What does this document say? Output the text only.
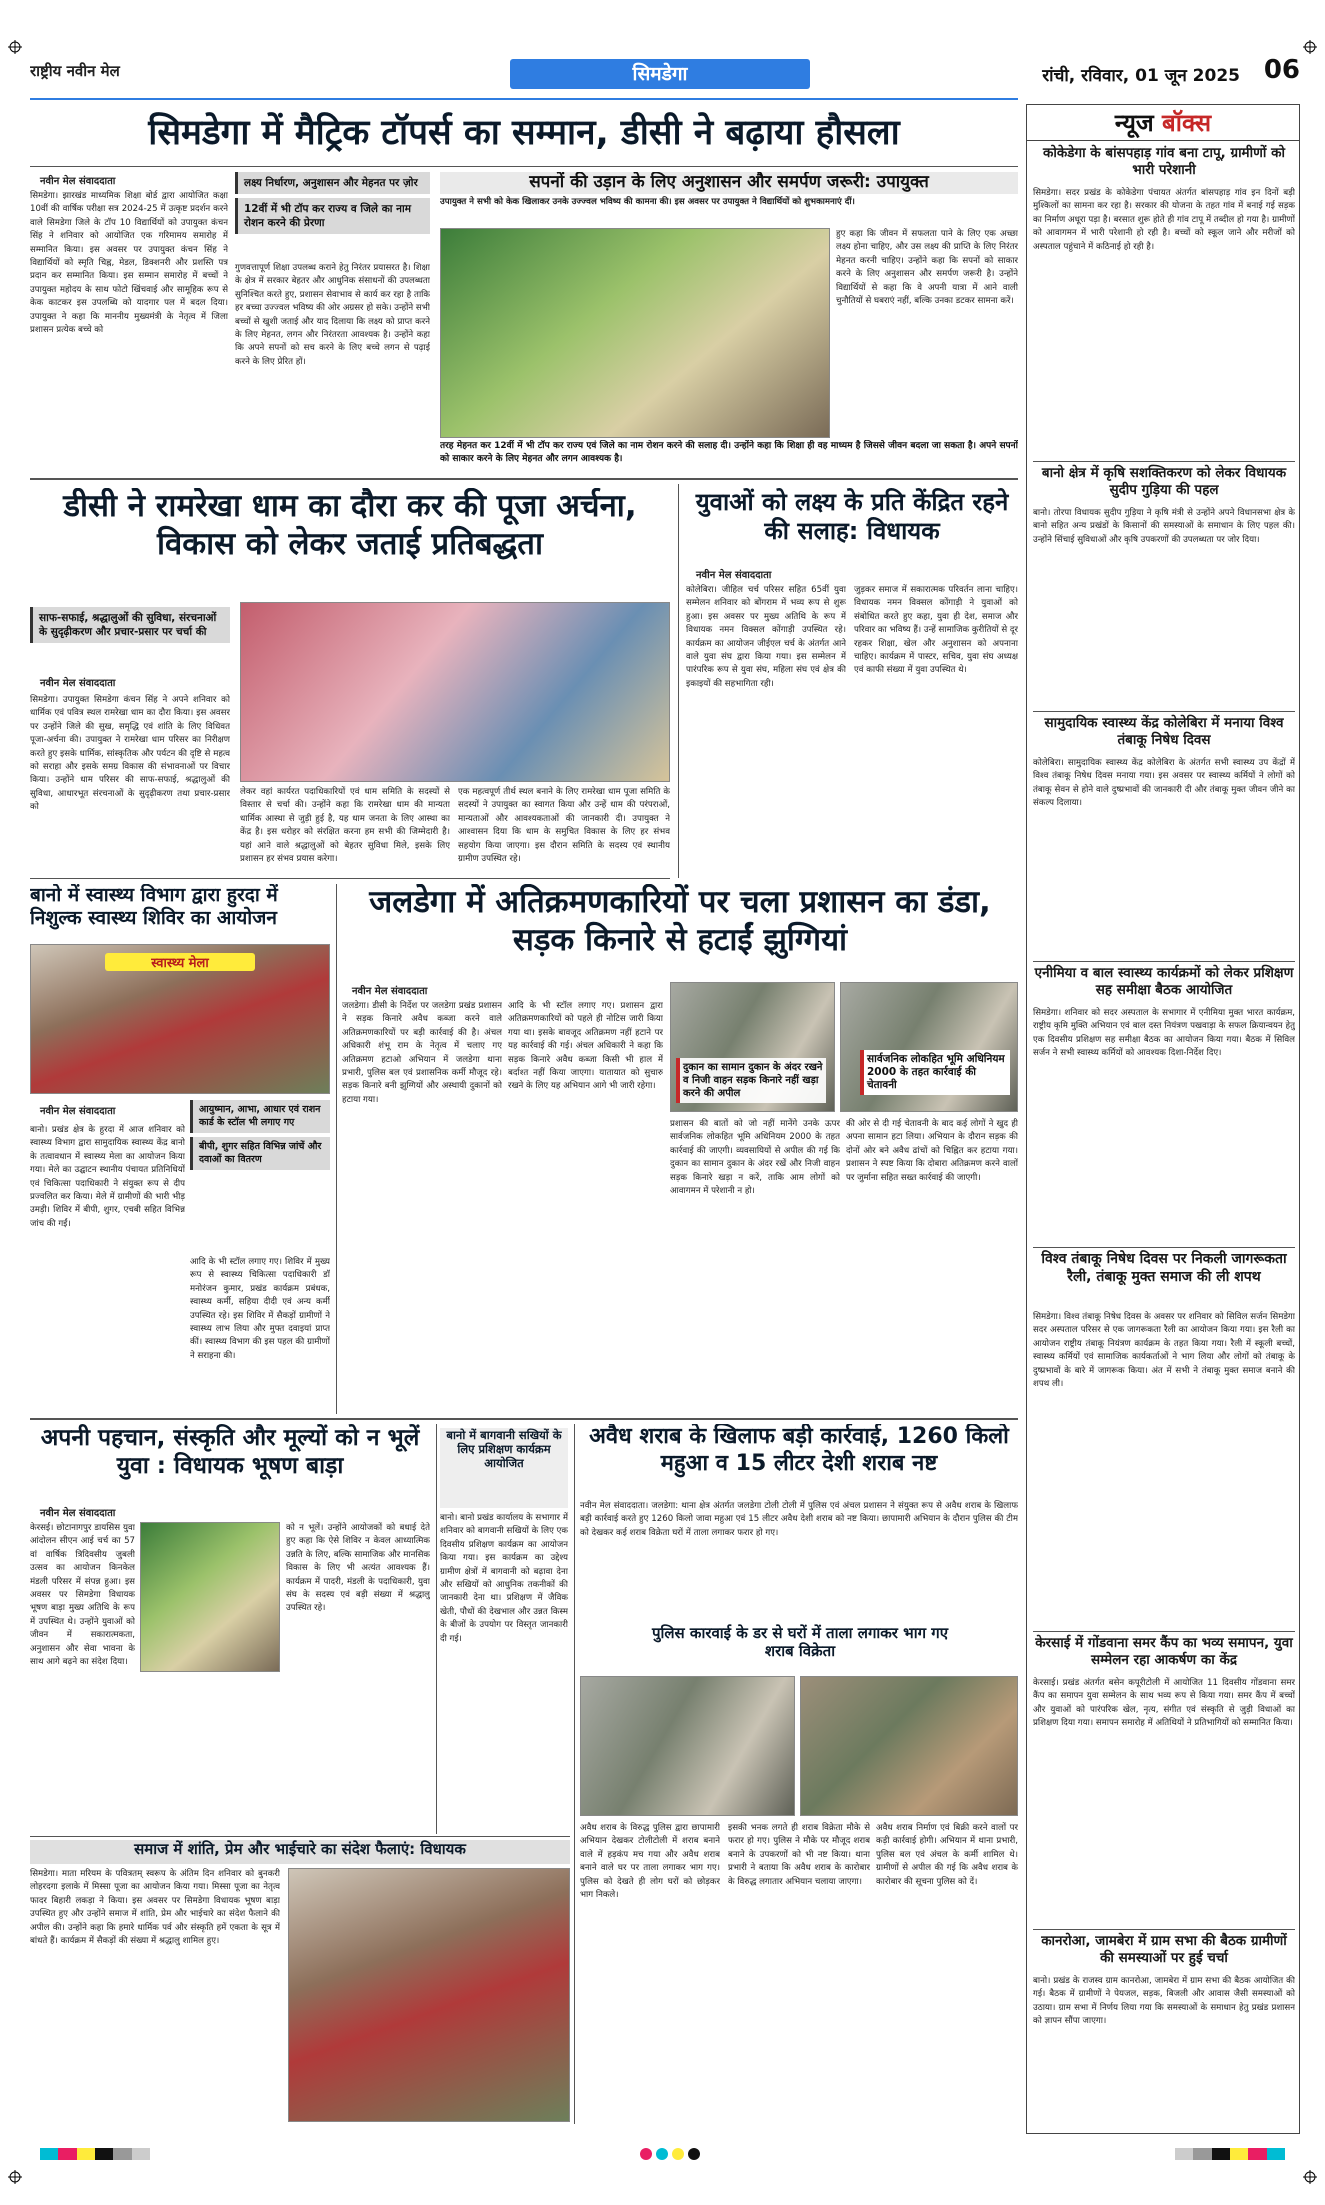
राष्ट्रीय नवीन मेल	सिमडेगा	रांची, रविवार, 01 जून 2025 06
सिमडेगा में मैट्रिक टॉपर्स का सम्मान, डीसी ने बढ़ाया हौसला
नवीन मेल संवाददाता
सिमडेगा। झारखंड माध्यमिक शिक्षा बोर्ड द्वारा आयोजित कक्षा 10वीं की वार्षिक परीक्षा सत्र 2024-25 में उत्कृष्ट प्रदर्शन करने वाले सिमडेगा जिले के टॉप 10 विद्यार्थियों को उपायुक्त कंचन सिंह ने शनिवार को आयोजित एक गरिमामय समारोह में सम्मानित किया। इस अवसर पर उपायुक्त कंचन सिंह ने विद्यार्थियों को स्मृति चिह्न, मेडल, डिक्शनरी और प्रशस्ति पत्र प्रदान कर सम्मानित किया। इस सम्मान समारोह में बच्चों ने उपायुक्त महोदय के साथ फोटो खिंचवाई और सामूहिक रूप से केक काटकर इस उपलब्धि को यादगार पल में बदल दिया। उपायुक्त ने कहा कि माननीय मुख्यमंत्री के नेतृत्व में जिला प्रशासन प्रत्येक बच्चे को
लक्ष्य निर्धारण, अनुशासन और मेहनत पर ज़ोर
12वीं में भी टॉप कर राज्य व जिले का नाम रोशन करने की प्रेरणा
गुणवत्तापूर्ण शिक्षा उपलब्ध कराने हेतु निरंतर प्रयासरत है। शिक्षा के क्षेत्र में सरकार बेहतर और आधुनिक संसाधनों की उपलब्धता सुनिश्चित करते हुए, प्रशासन सेवाभाव से कार्य कर रहा है ताकि हर बच्चा उज्ज्वल भविष्य की ओर अग्रसर हो सके। उन्होंने सभी बच्चों से खुशी जताई और याद दिलाया कि लक्ष्य को प्राप्त करने के लिए मेहनत, लगन और निरंतरता आवश्यक है। उन्होंने कहा कि अपने सपनों को सच करने के लिए बच्चे लगन से पढ़ाई करने के लिए प्रेरित हों।
सपनों की उड़ान के लिए अनुशासन और समर्पण जरूरी: उपायुक्त
उपायुक्त ने सभी को केक खिलाकर उनके उज्ज्वल भविष्य की कामना की। इस अवसर पर उपायुक्त ने विद्यार्थियों को शुभकामनाएं दीं।
हुए कहा कि जीवन में सफलता पाने के लिए एक अच्छा लक्ष्य होना चाहिए, और उस लक्ष्य की प्राप्ति के लिए निरंतर मेहनत करनी चाहिए। उन्होंने कहा कि सपनों को साकार करने के लिए अनुशासन और समर्पण जरूरी है। उन्होंने विद्यार्थियों से कहा कि वे अपनी यात्रा में आने वाली चुनौतियों से घबराएं नहीं, बल्कि उनका डटकर सामना करें।
तरह मेहनत कर 12वीं में भी टॉप कर राज्य एवं जिले का नाम रोशन करने की सलाह दी। उन्होंने कहा कि शिक्षा ही वह माध्यम है जिससे जीवन बदला जा सकता है। अपने सपनों को साकार करने के लिए मेहनत और लगन आवश्यक है।
डीसी ने रामरेखा धाम का दौरा कर की पूजा अर्चना, विकास को लेकर जताई प्रतिबद्धता
साफ-सफाई, श्रद्धालुओं की सुविधा, संरचनाओं के सुदृढ़ीकरण और प्रचार-प्रसार पर चर्चा की
नवीन मेल संवाददाता
सिमडेगा। उपायुक्त सिमडेगा कंचन सिंह ने अपने शनिवार को धार्मिक एवं पवित्र स्थल रामरेखा धाम का दौरा किया। इस अवसर पर उन्होंने जिले की सुख, समृद्धि एवं शांति के लिए विधिवत पूजा-अर्चना की। उपायुक्त ने रामरेखा धाम परिसर का निरीक्षण करते हुए इसके धार्मिक, सांस्कृतिक और पर्यटन की दृष्टि से महत्व को सराहा और इसके समग्र विकास की संभावनाओं पर विचार किया। उन्होंने धाम परिसर की साफ-सफाई, श्रद्धालुओं की सुविधा, आधारभूत संरचनाओं के सुदृढ़ीकरण तथा प्रचार-प्रसार को
लेकर वहां कार्यरत पदाधिकारियों एवं धाम समिति के सदस्यों से विस्तार से चर्चा की। उन्होंने कहा कि रामरेखा धाम की मान्यता धार्मिक आस्था से जुड़ी हुई है, यह धाम जनता के लिए आस्था का केंद्र है। इस धरोहर को संरक्षित करना हम सभी की जिम्मेदारी है। यहां आने वाले श्रद्धालुओं को बेहतर सुविधा मिले, इसके लिए प्रशासन हर संभव प्रयास करेगा।
एक महत्वपूर्ण तीर्थ स्थल बनाने के लिए रामरेखा धाम पूजा समिति के सदस्यों ने उपायुक्त का स्वागत किया और उन्हें धाम की परंपराओं, मान्यताओं और आवश्यकताओं की जानकारी दी। उपायुक्त ने आश्वासन दिया कि धाम के समुचित विकास के लिए हर संभव सहयोग किया जाएगा। इस दौरान समिति के सदस्य एवं स्थानीय ग्रामीण उपस्थित रहे।
युवाओं को लक्ष्य के प्रति केंद्रित रहने की सलाह: विधायक
नवीन मेल संवाददाता
कोलेबिरा। जीहिल चर्च परिसर सहित 65वीं युवा सम्मेलन शनिवार को बोंगराम में भव्य रूप से शुरू हुआ। इस अवसर पर मुख्य अतिथि के रूप में विधायक नमन विक्सल कोंगाड़ी उपस्थित रहे। कार्यक्रम का आयोजन जीईएल चर्च के अंतर्गत आने वाले युवा संघ द्वारा किया गया। इस सम्मेलन में पारंपरिक रूप से युवा संघ, महिला संघ एवं क्षेत्र की इकाइयों की सहभागिता रही।
जुड़कर समाज में सकारात्मक परिवर्तन लाना चाहिए। विधायक नमन विक्सल कोंगाड़ी ने युवाओं को संबोधित करते हुए कहा, युवा ही देश, समाज और परिवार का भविष्य हैं। उन्हें सामाजिक कुरीतियों से दूर रहकर शिक्षा, खेल और अनुशासन को अपनाना चाहिए। कार्यक्रम में पास्टर, सचिव, युवा संघ अध्यक्ष एवं काफी संख्या में युवा उपस्थित थे।
बानो में स्वास्थ्य विभाग द्वारा हुरदा में निशुल्क स्वास्थ्य शिविर का आयोजन
स्वास्थ्य मेला
नवीन मेल संवाददाता	आयुष्मान, आभा, आधार एवं राशन कार्ड के स्टॉल भी लगाए गए
बीपी, शुगर सहित विभिन्न जांचें और दवाओं का वितरण
बानो। प्रखंड क्षेत्र के हुरदा में आज शनिवार को स्वास्थ्य विभाग द्वारा सामुदायिक स्वास्थ्य केंद्र बानो के तत्वावधान में स्वास्थ्य मेला का आयोजन किया गया। मेले का उद्घाटन स्थानीय पंचायत प्रतिनिधियों एवं चिकित्सा पदाधिकारी ने संयुक्त रूप से दीप प्रज्वलित कर किया। मेले में ग्रामीणों की भारी भीड़ उमड़ी। शिविर में बीपी, शुगर, एचबी सहित विभिन्न जांच की गईं।
आदि के भी स्टॉल लगाए गए। शिविर में मुख्य रूप से स्वास्थ्य चिकित्सा पदाधिकारी डॉ मनोरंजन कुमार, प्रखंड कार्यक्रम प्रबंधक, स्वास्थ्य कर्मी, सहिया दीदी एवं अन्य कर्मी उपस्थित रहे। इस शिविर में सैकड़ों ग्रामीणों ने स्वास्थ्य लाभ लिया और मुफ्त दवाइयां प्राप्त कीं। स्वास्थ्य विभाग की इस पहल की ग्रामीणों ने सराहना की।
जलडेगा में अतिक्रमणकारियों पर चला प्रशासन का डंडा, सड़क किनारे से हटाईं झुग्गियां
नवीन मेल संवाददाता
जलडेगा। डीसी के निर्देश पर जलडेगा प्रखंड प्रशासन ने सड़क किनारे अवैध कब्जा करने वाले अतिक्रमणकारियों पर बड़ी कार्रवाई की है। अंचल अधिकारी शंभू राम के नेतृत्व में चलाए गए अतिक्रमण हटाओ अभियान में जलडेगा थाना प्रभारी, पुलिस बल एवं प्रशासनिक कर्मी मौजूद रहे। सड़क किनारे बनी झुग्गियों और अस्थायी दुकानों को हटाया गया।
आदि के भी स्टॉल लगाए गए। प्रशासन द्वारा अतिक्रमणकारियों को पहले ही नोटिस जारी किया गया था। इसके बावजूद अतिक्रमण नहीं हटाने पर यह कार्रवाई की गई। अंचल अधिकारी ने कहा कि सड़क किनारे अवैध कब्जा किसी भी हाल में बर्दाश्त नहीं किया जाएगा। यातायात को सुचारु रखने के लिए यह अभियान आगे भी जारी रहेगा।
दुकान का सामान दुकान के अंदर रखने व निजी वाहन सड़क किनारे नहीं खड़ा करने की अपील
सार्वजनिक लोकहित भूमि अधिनियम 2000 के तहत कार्रवाई की चेतावनी
प्रशासन की बातों को जो नहीं मानेंगे उनके ऊपर सार्वजनिक लोकहित भूमि अधिनियम 2000 के तहत कार्रवाई की जाएगी। व्यवसायियों से अपील की गई कि दुकान का सामान दुकान के अंदर रखें और निजी वाहन सड़क किनारे खड़ा न करें, ताकि आम लोगों को आवागमन में परेशानी न हो।
की ओर से दी गई चेतावनी के बाद कई लोगों ने खुद ही अपना सामान हटा लिया। अभियान के दौरान सड़क की दोनों ओर बने अवैध ढांचों को चिह्नित कर हटाया गया। प्रशासन ने स्पष्ट किया कि दोबारा अतिक्रमण करने वालों पर जुर्माना सहित सख्त कार्रवाई की जाएगी।
अपनी पहचान, संस्कृति और मूल्यों को न भूलें युवा : विधायक भूषण बाड़ा
नवीन मेल संवाददाता
केरसई। छोटानागपुर डायसिस युवा आंदोलन सीएन आई चर्च का 57 वां वार्षिक त्रिदिवसीय जुबली उत्सव का आयोजन किनकेल मंडली परिसर में संपन्न हुआ। इस अवसर पर सिमडेगा विधायक भूषण बाड़ा मुख्य अतिथि के रूप में उपस्थित थे। उन्होंने युवाओं को जीवन में सकारात्मकता, अनुशासन और सेवा भावना के साथ आगे बढ़ने का संदेश दिया।
को न भूलें। उन्होंने आयोजकों को बधाई देते हुए कहा कि ऐसे शिविर न केवल आध्यात्मिक उन्नति के लिए, बल्कि सामाजिक और मानसिक विकास के लिए भी अत्यंत आवश्यक हैं। कार्यक्रम में पादरी, मंडली के पदाधिकारी, युवा संघ के सदस्य एवं बड़ी संख्या में श्रद्धालु उपस्थित रहे।
बानो में बागवानी सखियों के लिए प्रशिक्षण कार्यक्रम आयोजित
बानो। बानो प्रखंड कार्यालय के सभागार में शनिवार को बागवानी सखियों के लिए एक दिवसीय प्रशिक्षण कार्यक्रम का आयोजन किया गया। इस कार्यक्रम का उद्देश्य ग्रामीण क्षेत्रों में बागवानी को बढ़ावा देना और सखियों को आधुनिक तकनीकों की जानकारी देना था। प्रशिक्षण में जैविक खेती, पौधों की देखभाल और उन्नत किस्म के बीजों के उपयोग पर विस्तृत जानकारी दी गई।
अवैध शराब के खिलाफ बड़ी कार्रवाई, 1260 किलो महुआ व 15 लीटर देशी शराब नष्ट
नवीन मेल संवाददाता। जलडेगा: थाना क्षेत्र अंतर्गत जलडेगा टोली टोली में पुलिस एवं अंचल प्रशासन ने संयुक्त रूप से अवैध शराब के खिलाफ बड़ी कार्रवाई करते हुए 1260 किलो जावा महुआ एवं 15 लीटर अवैध देशी शराब को नष्ट किया। छापामारी अभियान के दौरान पुलिस की टीम को देखकर कई शराब विक्रेता घरों में ताला लगाकर फरार हो गए।
पुलिस कारवाई के डर से घरों में ताला लगाकर भाग गए शराब विक्रेता
अवैध शराब के विरुद्ध पुलिस द्वारा छापामारी अभियान देखकर टोलीटोली में शराब बनाने वाले में हड़कंप मच गया और अवैध शराब बनाने वाले घर पर ताला लगाकर भाग गए। पुलिस को देखते ही लोग घरों को छोड़कर भाग निकले।
इसकी भनक लगते ही शराब विक्रेता मौके से फरार हो गए। पुलिस ने मौके पर मौजूद शराब बनाने के उपकरणों को भी नष्ट किया। थाना प्रभारी ने बताया कि अवैध शराब के कारोबार के विरुद्ध लगातार अभियान चलाया जाएगा।
अवैध शराब निर्माण एवं बिक्री करने वालों पर कड़ी कार्रवाई होगी। अभियान में थाना प्रभारी, पुलिस बल एवं अंचल के कर्मी शामिल थे। ग्रामीणों से अपील की गई कि अवैध शराब के कारोबार की सूचना पुलिस को दें।
समाज में शांति, प्रेम और भाईचारे का संदेश फैलाएं: विधायक
सिमडेगा। माता मरियम के पवित्रतम् स्वरूप के अंतिम दिन शनिवार को बुनकरी लोहरदगा इलाके में मिस्सा पूजा का आयोजन किया गया। मिस्सा पूजा का नेतृत्व फादर बिहारी लकड़ा ने किया। इस अवसर पर सिमडेगा विधायक भूषण बाड़ा उपस्थित हुए और उन्होंने समाज में शांति, प्रेम और भाईचारे का संदेश फैलाने की अपील की। उन्होंने कहा कि हमारे धार्मिक पर्व और संस्कृति हमें एकता के सूत्र में बांधते हैं। कार्यक्रम में सैकड़ों की संख्या में श्रद्धालु शामिल हुए।
न्यूज बॉक्स
कोकेडेगा के बांसपहाड़ गांव बना टापू, ग्रामीणों को भारी परेशानी
सिमडेगा। सदर प्रखंड के कोकेडेगा पंचायत अंतर्गत बांसपहाड़ गांव इन दिनों बड़ी मुश्किलों का सामना कर रहा है। सरकार की योजना के तहत गांव में बनाई गई सड़क का निर्माण अधूरा पड़ा है। बरसात शुरू होते ही गांव टापू में तब्दील हो गया है। ग्रामीणों को आवागमन में भारी परेशानी हो रही है। बच्चों को स्कूल जाने और मरीजों को अस्पताल पहुंचाने में कठिनाई हो रही है।
बानो क्षेत्र में कृषि सशक्तिकरण को लेकर विधायक सुदीप गुड़िया की पहल
बानो। तोरपा विधायक सुदीप गुड़िया ने कृषि मंत्री से उन्होंने अपने विधानसभा क्षेत्र के बानो सहित अन्य प्रखंडों के किसानों की समस्याओं के समाधान के लिए पहल की। उन्होंने सिंचाई सुविधाओं और कृषि उपकरणों की उपलब्धता पर जोर दिया।
सामुदायिक स्वास्थ्य केंद्र कोलेबिरा में मनाया विश्व तंबाकू निषेध दिवस
कोलेबिरा। सामुदायिक स्वास्थ्य केंद्र कोलेबिरा के अंतर्गत सभी स्वास्थ्य उप केंद्रों में विश्व तंबाकू निषेध दिवस मनाया गया। इस अवसर पर स्वास्थ्य कर्मियों ने लोगों को तंबाकू सेवन से होने वाले दुष्प्रभावों की जानकारी दी और तंबाकू मुक्त जीवन जीने का संकल्प दिलाया।
एनीमिया व बाल स्वास्थ्य कार्यक्रमों को लेकर प्रशिक्षण सह समीक्षा बैठक आयोजित
सिमडेगा। शनिवार को सदर अस्पताल के सभागार में एनीमिया मुक्त भारत कार्यक्रम, राष्ट्रीय कृमि मुक्ति अभियान एवं बाल दस्त नियंत्रण पखवाड़ा के सफल क्रियान्वयन हेतु एक दिवसीय प्रशिक्षण सह समीक्षा बैठक का आयोजन किया गया। बैठक में सिविल सर्जन ने सभी स्वास्थ्य कर्मियों को आवश्यक दिशा-निर्देश दिए।
विश्व तंबाकू निषेध दिवस पर निकली जागरूकता रैली, तंबाकू मुक्त समाज की ली शपथ
सिमडेगा। विश्व तंबाकू निषेध दिवस के अवसर पर शनिवार को सिविल सर्जन सिमडेगा सदर अस्पताल परिसर से एक जागरूकता रैली का आयोजन किया गया। इस रैली का आयोजन राष्ट्रीय तंबाकू नियंत्रण कार्यक्रम के तहत किया गया। रैली में स्कूली बच्चों, स्वास्थ्य कर्मियों एवं सामाजिक कार्यकर्ताओं ने भाग लिया और लोगों को तंबाकू के दुष्प्रभावों के बारे में जागरूक किया। अंत में सभी ने तंबाकू मुक्त समाज बनाने की शपथ ली।
केरसाई में गोंडवाना समर कैंप का भव्य समापन, युवा सम्मेलन रहा आकर्षण का केंद्र
केरसाई। प्रखंड अंतर्गत बसेन कपूरीटोली में आयोजित 11 दिवसीय गोंडवाना समर कैंप का समापन युवा सम्मेलन के साथ भव्य रूप से किया गया। समर कैंप में बच्चों और युवाओं को पारंपरिक खेल, नृत्य, संगीत एवं संस्कृति से जुड़ी विधाओं का प्रशिक्षण दिया गया। समापन समारोह में अतिथियों ने प्रतिभागियों को सम्मानित किया।
कानरोआ, जामबेरा में ग्राम सभा की बैठक ग्रामीणों की समस्याओं पर हुई चर्चा
बानो। प्रखंड के राजस्व ग्राम कानरोआ, जामबेरा में ग्राम सभा की बैठक आयोजित की गई। बैठक में ग्रामीणों ने पेयजल, सड़क, बिजली और आवास जैसी समस्याओं को उठाया। ग्राम सभा में निर्णय लिया गया कि समस्याओं के समाधान हेतु प्रखंड प्रशासन को ज्ञापन सौंपा जाएगा।
